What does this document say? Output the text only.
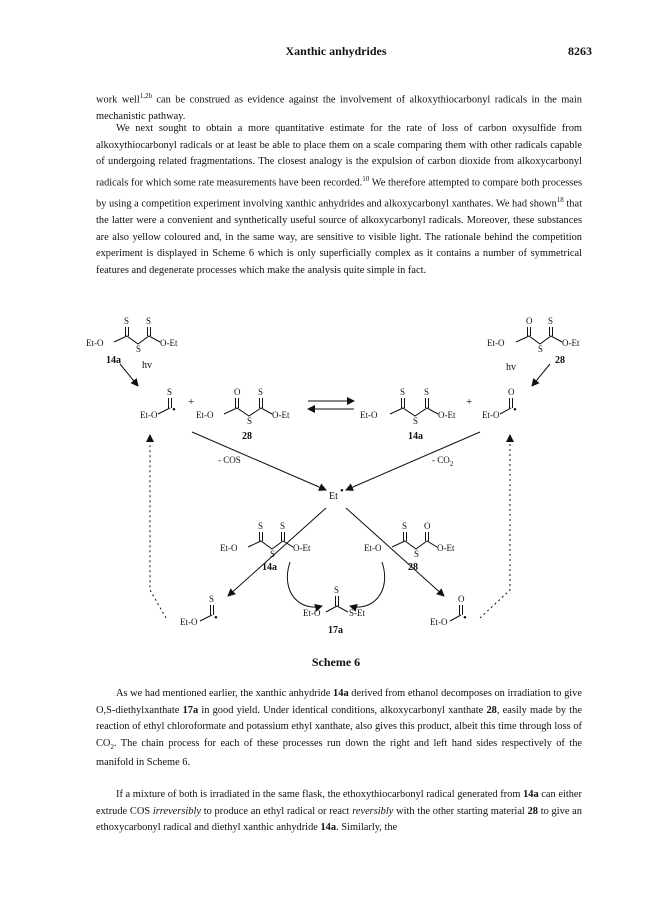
Xanthic anhydrides	8263

work well$^{1,2b}$ can be construed as evidence against the involvement of alkoxythiocarbonyl radicals in the main mechanistic pathway.

We next sought to obtain a more quantitative estimate for the rate of loss of carbon oxysulfide from alkoxythiocarbonyl radicals or at least be able to place them on a scale comparing them with other radicals capable of undergoing related fragmentations. The closest analogy is the expulsion of carbon dioxide from alkoxycarbonyl radicals for which some rate measurements have been recorded.$^{10}$ We therefore attempted to compare both processes by using a competition experiment involving xanthic anhydrides and alkoxycarbonyl xanthates. We had shown$^{18}$ that the latter were a convenient and synthetically useful source of alkoxycarbonyl radicals. Moreover, these substances are also yellow coloured and, in the same way, are sensitive to visible light. The rationale behind the competition experiment is displayed in Scheme 6 which is only superficially complex as it contains a number of symmetrical features and degenerate processes which make the analysis quite simple in fact.

S S
Et-O
S
O-Et
14a hv
O S
Et-O
S
O-Et
28
hv
S
Et-O •
+
O S
Et-O
S
O-Et
28
S S
Et-O
S
O-Et
14a
+
O
Et-O •
- COS	- $CO_2$
Et •
S S
Et-O
S
O-Et
14a
S O
Et-O
S
O-Et
28
S
Et-O	S-Et
17a
S
Et-O •
O
Et-O •
Scheme 6

As we had mentioned earlier, the xanthic anhydride 14a derived from ethanol decomposes on irradiation to give O,S-diethylxanthate 17a in good yield. Under identical conditions, alkoxycarbonyl xanthate 28, easily made by the reaction of ethyl chloroformate and potassium ethyl xanthate, also gives this product, albeit this time through loss of $CO_2$. The chain process for each of these processes run down the right and left hand sides respectively of the manifold in Scheme 6.

If a mixture of both is irradiated in the same flask, the ethoxythiocarbonyl radical generated from 14a can either extrude COS irreversibly to produce an ethyl radical or react reversibly with the other starting material 28 to give an ethoxycarbonyl radical and diethyl xanthic anhydride 14a. Similarly, the
